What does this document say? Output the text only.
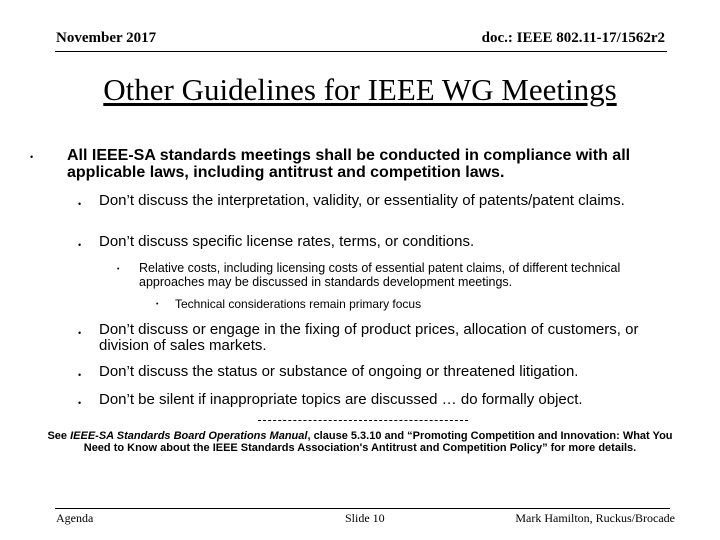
November 2017	doc.: IEEE 802.11-17/1562r2
Other Guidelines for IEEE WG Meetings
• All IEEE-SA standards meetings shall be conducted in compliance with all applicable laws, including antitrust and competition laws.
• Don’t discuss the interpretation, validity, or essentiality of patents/patent claims.
• Don’t discuss specific license rates, terms, or conditions.
• Relative costs, including licensing costs of essential patent claims, of different technical approaches may be discussed in standards development meetings.
• Technical considerations remain primary focus
• Don’t discuss or engage in the fixing of product prices, allocation of customers, or division of sales markets.
• Don’t discuss the status or substance of ongoing or threatened litigation.
• Don’t be silent if inappropriate topics are discussed … do formally object.
See IEEE-SA Standards Board Operations Manual, clause 5.3.10 and “Promoting Competition and Innovation: What You Need to Know about the IEEE Standards Association's Antitrust and Competition Policy” for more details.
Agenda	Slide 10	Mark Hamilton, Ruckus/Brocade
